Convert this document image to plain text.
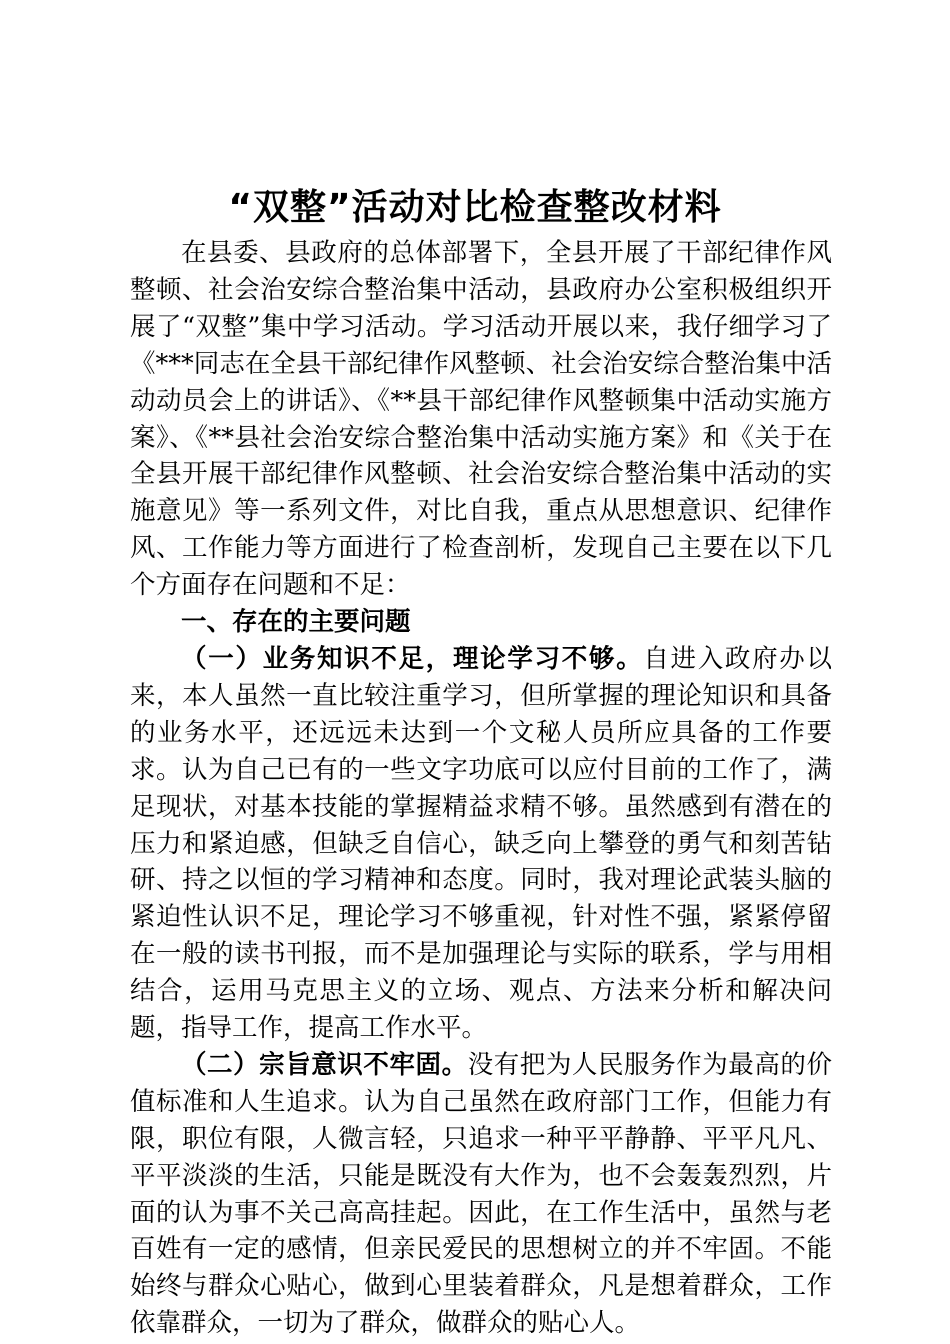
“双整”活动对比检查整改材料

在县委、县政府的总体部署下，全县开展了干部纪律作风整顿、社会治安综合整治集中活动，县政府办公室积极组织开展了“双整”集中学习活动。学习活动开展以来，我仔细学习了《***同志在全县干部纪律作风整顿、社会治安综合整治集中活动动员会上的讲话》、《**县干部纪律作风整顿集中活动实施方案》、《**县社会治安综合整治集中活动实施方案》和《关于在全县开展干部纪律作风整顿、社会治安综合整治集中活动的实施意见》等一系列文件，对比自我，重点从思想意识、纪律作风、工作能力等方面进行了检查剖析，发现自己主要在以下几个方面存在问题和不足：

一、存在的主要问题

（一）业务知识不足，理论学习不够。自进入政府办以来，本人虽然一直比较注重学习，但所掌握的理论知识和具备的业务水平，还远远未达到一个文秘人员所应具备的工作要求。认为自己已有的一些文字功底可以应付目前的工作了，满足现状，对基本技能的掌握精益求精不够。虽然感到有潜在的压力和紧迫感，但缺乏自信心，缺乏向上攀登的勇气和刻苦钻研、持之以恒的学习精神和态度。同时，我对理论武装头脑的紧迫性认识不足，理论学习不够重视，针对性不强，紧紧停留在一般的读书刊报，而不是加强理论与实际的联系，学与用相结合，运用马克思主义的立场、观点、方法来分析和解决问题，指导工作，提高工作水平。

（二）宗旨意识不牢固。没有把为人民服务作为最高的价值标准和人生追求。认为自己虽然在政府部门工作，但能力有限，职位有限，人微言轻，只追求一种平平静静、平平凡凡、平平淡淡的生活，只能是既没有大作为，也不会轰轰烈烈，片面的认为事不关己高高挂起。因此，在工作生活中，虽然与老百姓有一定的感情，但亲民爱民的思想树立的并不牢固。不能始终与群众心贴心，做到心里装着群众，凡是想着群众，工作依靠群众，一切为了群众，做群众的贴心人。
